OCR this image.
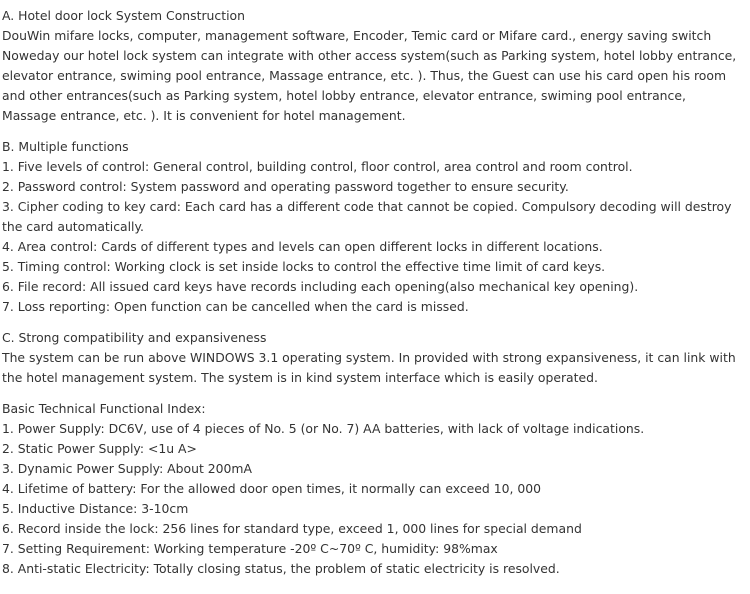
A. Hotel door lock System Construction
DouWin mifare locks, computer, management software, Encoder, Temic card or Mifare card., energy saving switch
Noweday our hotel lock system can integrate with other access system(such as Parking system, hotel lobby entrance, elevator entrance, swiming pool entrance, Massage entrance, etc. ). Thus, the Guest can use his card open his room and other entrances(such as Parking system, hotel lobby entrance, elevator entrance, swiming pool entrance, Massage entrance, etc. ). It is convenient for hotel management.
B. Multiple functions
1. Five levels of control: General control, building control, floor control, area control and room control.
2. Password control: System password and operating password together to ensure security.
3. Cipher coding to key card: Each card has a different code that cannot be copied. Compulsory decoding will destroy the card automatically.
4. Area control: Cards of different types and levels can open different locks in different locations.
5. Timing control: Working clock is set inside locks to control the effective time limit of card keys.
6. File record: All issued card keys have records including each opening(also mechanical key opening).
7. Loss reporting: Open function can be cancelled when the card is missed.
C. Strong compatibility and expansiveness
The system can be run above WINDOWS 3.1 operating system. In provided with strong expansiveness, it can link with the hotel management system. The system is in kind system interface which is easily operated.
Basic Technical Functional Index:
1. Power Supply: DC6V, use of 4 pieces of No. 5 (or No. 7) AA batteries, with lack of voltage indications.
2. Static Power Supply: <1u A>
3. Dynamic Power Supply: About 200mA
4. Lifetime of battery: For the allowed door open times, it normally can exceed 10, 000
5. Inductive Distance: 3-10cm
6. Record inside the lock: 256 lines for standard type, exceed 1, 000 lines for special demand
7. Setting Requirement: Working temperature -20º C~70º C, humidity: 98%max
8. Anti-static Electricity: Totally closing status, the problem of static electricity is resolved.
